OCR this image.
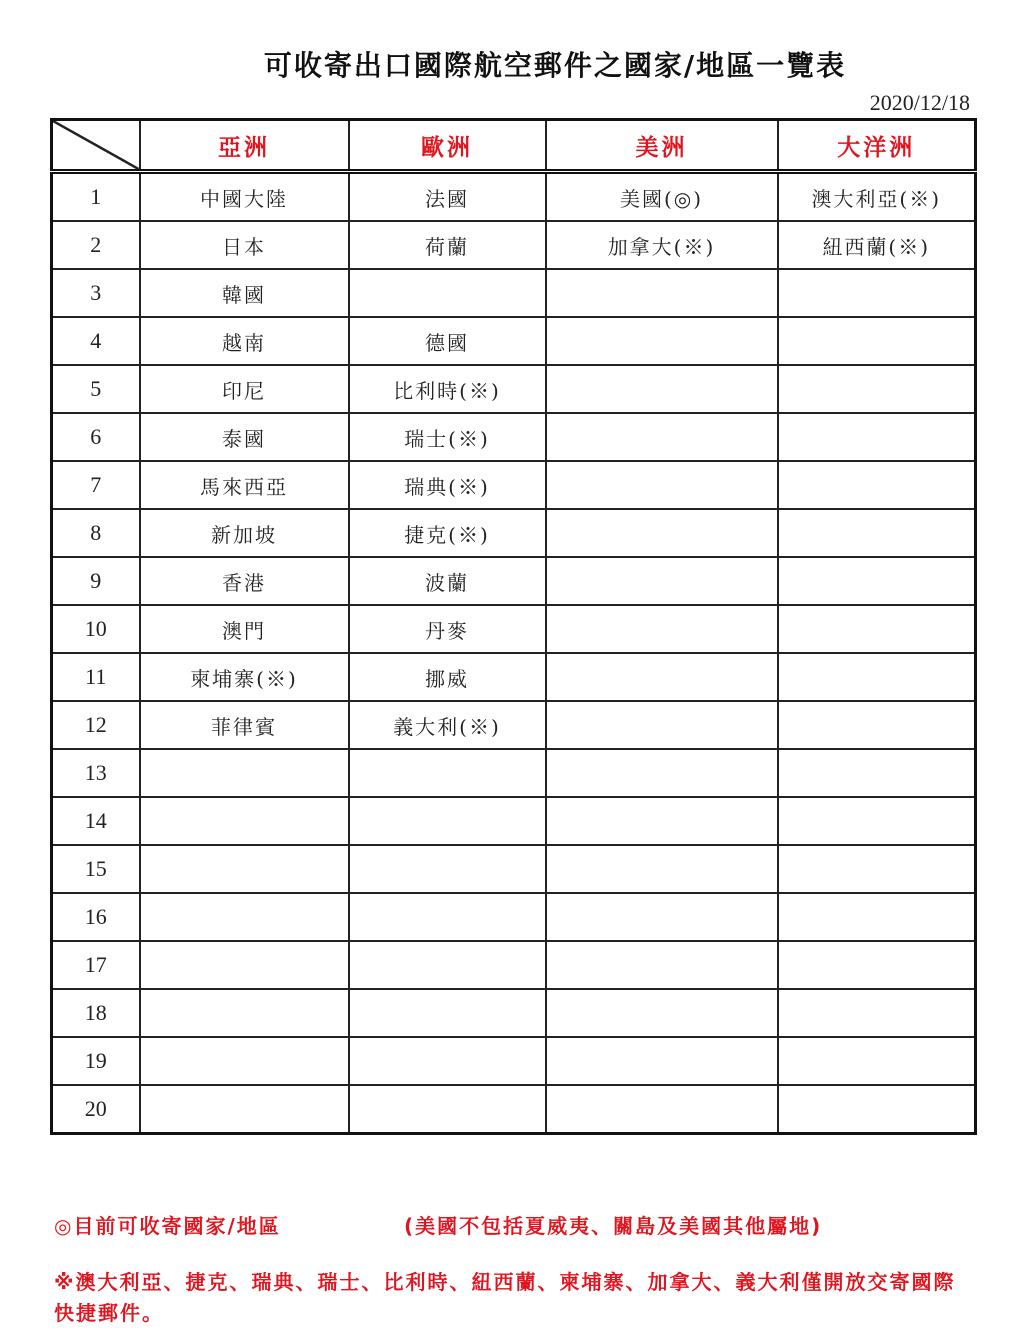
可收寄出口國際航空郵件之國家/地區一覽表
2020/12/18
	亞洲	歐洲	美洲	大洋洲
1	中國大陸	法國	美國(◎)	澳大利亞(※)
2	日本	荷蘭	加拿大(※)	紐西蘭(※)
3	韓國			
4	越南	德國		
5	印尼	比利時(※)		
6	泰國	瑞士(※)		
7	馬來西亞	瑞典(※)		
8	新加坡	捷克(※)		
9	香港	波蘭		
10	澳門	丹麥		
11	柬埔寨(※)	挪威		
12	菲律賓	義大利(※)		
13				
14				
15				
16				
17				
18				
19				
20				
◎目前可收寄國家/地區	(美國不包括夏威夷、關島及美國其他屬地)
※澳大利亞、捷克、瑞典、瑞士、比利時、紐西蘭、柬埔寨、加拿大、義大利僅開放交寄國際快捷郵件。
